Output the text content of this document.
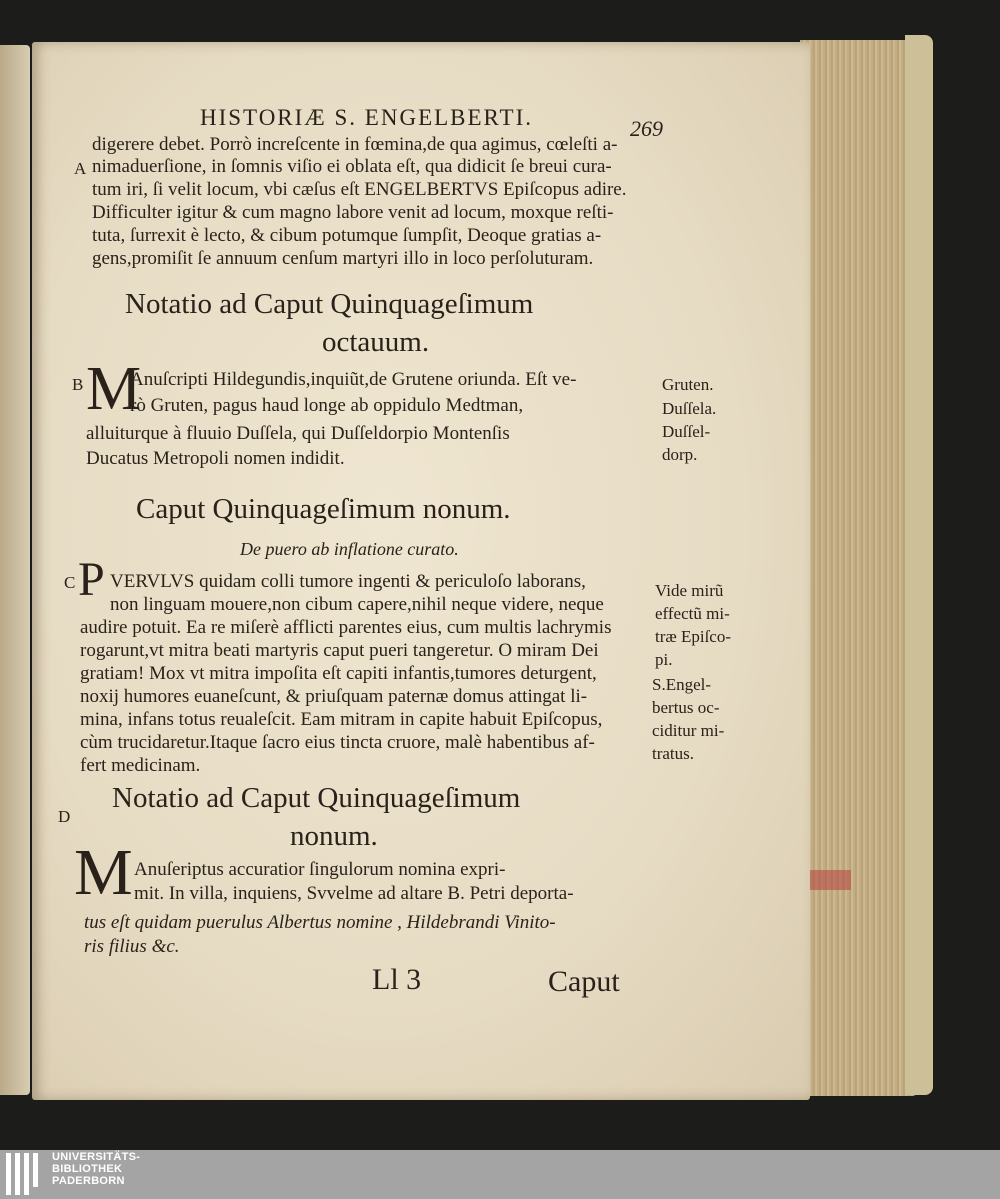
HISTORIÆ S. ENGELBERTI.	269
digerere debet. Porrò increſcente in fœmina,de qua agimus, cœleſti a-
A nimaduerſione, in ſomnis viſio ei oblata eſt, qua didicit ſe breui cura-
tum iri, ſi velit locum, vbi cæſus eſt ENGELBERTVS Epiſcopus adire.
Difficulter igitur & cum magno labore venit ad locum, moxque reſti-
tuta, ſurrexit è lecto, & cibum potumque ſumpſit, Deoque gratias a-
gens,promiſit ſe annuum cenſum martyri illo in loco perſoluturam.
Notatio ad Caput Quinquageſimum
octauum.
B M
Anuſcripti Hildegundis,inquiũt,de Grutene oriunda. Eſt ve-
rò Gruten, pagus haud longe ab oppidulo Medtman,
alluiturque à fluuio Duſſela, qui Duſſeldorpio Montenſis
Ducatus Metropoli nomen indidit.
Gruten.
Duſſela.
Duſſel-
dorp.
Caput Quinquageſimum nonum.
De puero ab inflatione curato.
C P VERVLVS quidam colli tumore ingenti & periculoſo laborans,
non linguam mouere,non cibum capere,nihil neque videre, neque
audire potuit. Ea re miſerè afflicti parentes eius, cum multis lachrymis
rogarunt,vt mitra beati martyris caput pueri tangeretur. O miram Dei
gratiam! Mox vt mitra impoſita eſt capiti infantis,tumores deturgent,
noxij humores euaneſcunt, & priuſquam paternæ domus attingat li-
mina, infans totus reualeſcit. Eam mitram in capite habuit Epiſcopus,
cùm trucidaretur.Itaque ſacro eius tincta cruore, malè habentibus af-
fert medicinam.
Vide mirũ
effectũ mi-
træ Epiſco-
pi.
S.Engel-
bertus oc-
ciditur mi-
tratus.
D
Notatio ad Caput Quinquageſimum
nonum.
M Anuſeriptus accuratior ſingulorum nomina expri-
mit. In villa, inquiens, Svvelme ad altare B. Petri deporta-
tus eſt quidam puerulus Albertus nomine , Hildebrandi Vinito-
ris filius &c.
Ll 3	Caput
UNIVERSITÄTS-
BIBLIOTHEK
PADERBORN
